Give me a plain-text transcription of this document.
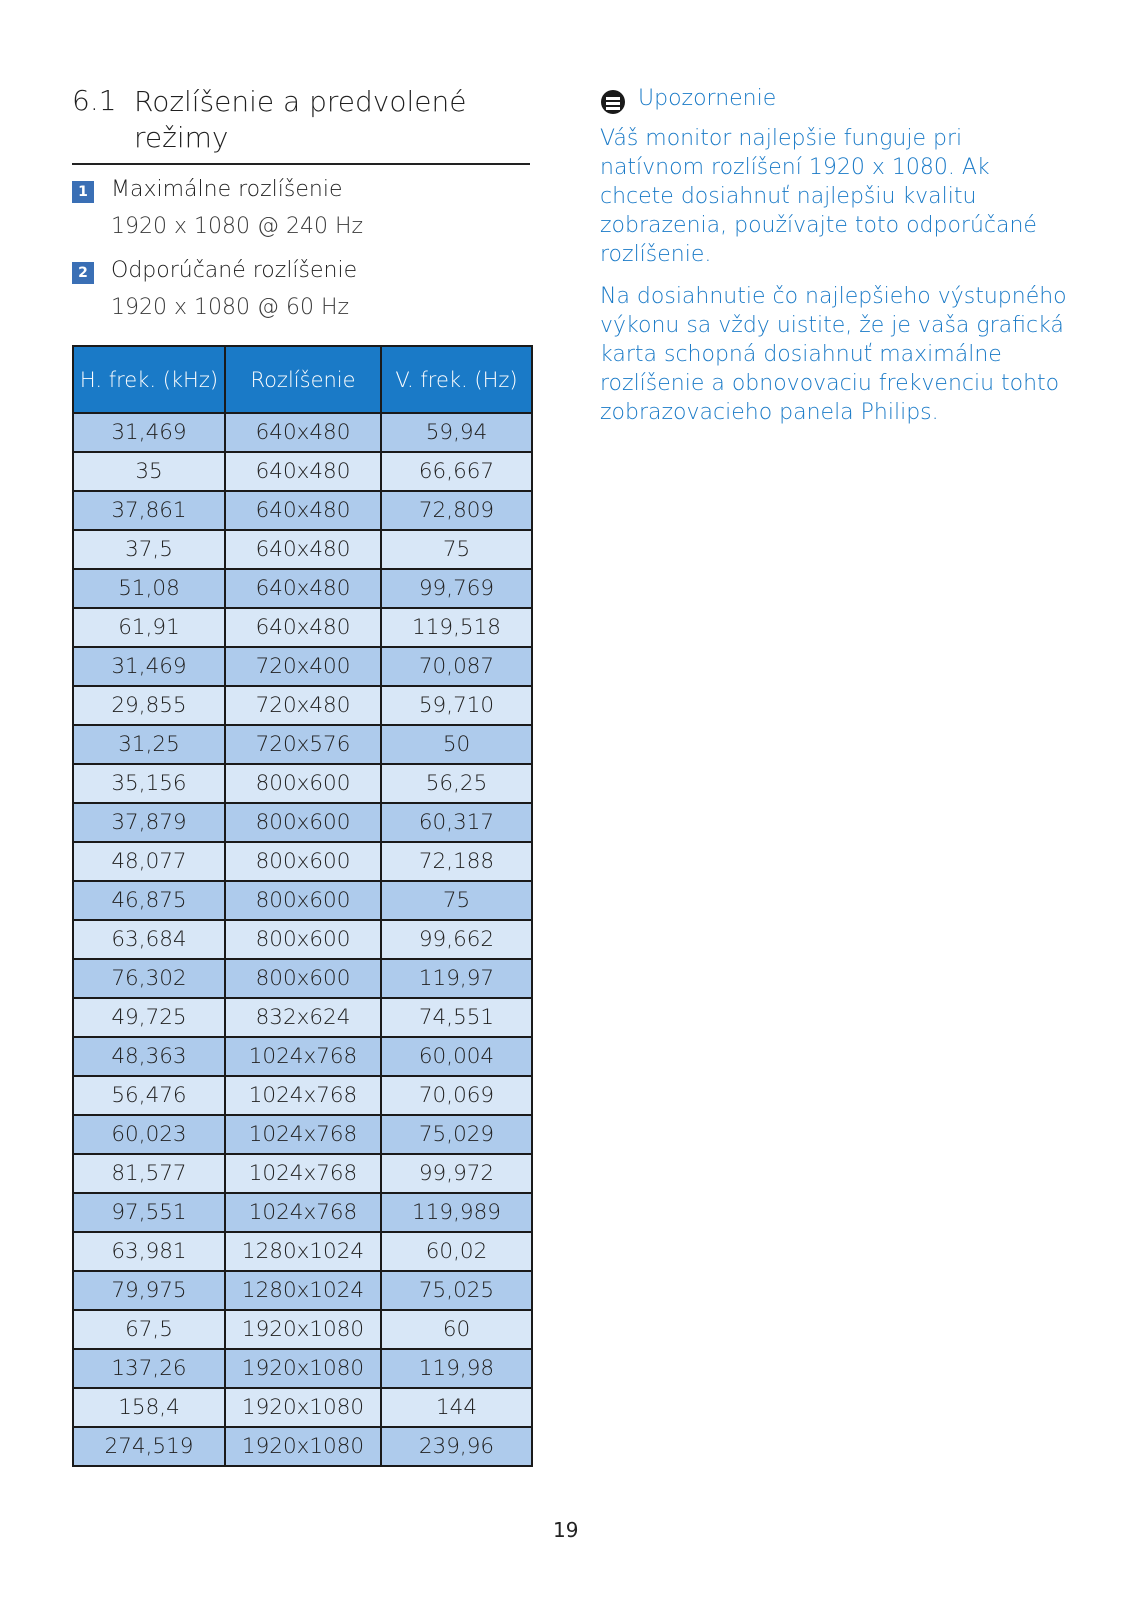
6.1 Rozlíšenie a predvolené režimy
1 Maximálne rozlíšenie
1920 x 1080 @ 240 Hz
2 Odporúčané rozlíšenie
1920 x 1080 @ 60 Hz
H. frek. (kHz)	Rozlíšenie	V. frek. (Hz)
31,469	640x480	59,94
35	640x480	66,667
37,861	640x480	72,809
37,5	640x480	75
51,08	640x480	99,769
61,91	640x480	119,518
31,469	720x400	70,087
29,855	720x480	59,710
31,25	720x576	50
35,156	800x600	56,25
37,879	800x600	60,317
48,077	800x600	72,188
46,875	800x600	75
63,684	800x600	99,662
76,302	800x600	119,97
49,725	832x624	74,551
48,363	1024x768	60,004
56,476	1024x768	70,069
60,023	1024x768	75,029
81,577	1024x768	99,972
97,551	1024x768	119,989
63,981	1280x1024	60,02
79,975	1280x1024	75,025
67,5	1920x1080	60
137,26	1920x1080	119,98
158,4	1920x1080	144
274,519	1920x1080	239,96
Upozornenie

Váš monitor najlepšie funguje pri natívnom rozlíšení 1920 x 1080. Ak chcete dosiahnuť najlepšiu kvalitu zobrazenia, používajte toto odporúčané rozlíšenie.

Na dosiahnutie čo najlepšieho výstupného výkonu sa vždy uistite, že je vaša grafická karta schopná dosiahnuť maximálne rozlíšenie a obnovovaciu frekvenciu tohto zobrazovacieho panela Philips.

19
